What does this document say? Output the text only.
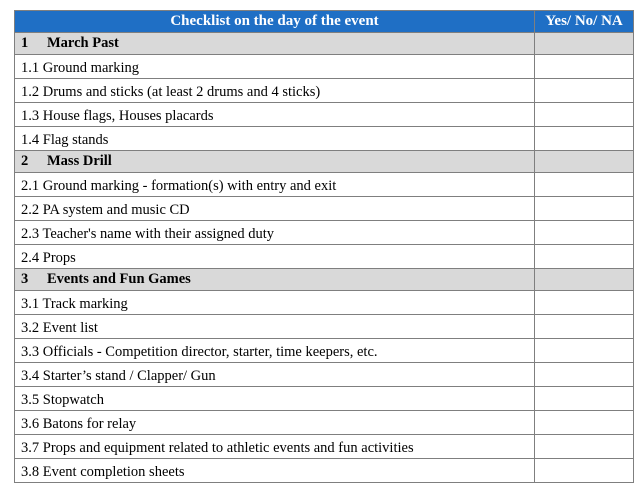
Checklist on the day of the event	Yes/ No/ NA
1 March Past	
1.1 Ground marking	
1.2 Drums and sticks (at least 2 drums and 4 sticks)	
1.3 House flags, Houses placards	
1.4 Flag stands	
2 Mass Drill	
2.1 Ground marking - formation(s) with entry and exit	
2.2 PA system and music CD	
2.3 Teacher's name with their assigned duty	
2.4 Props	
3 Events and Fun Games	
3.1 Track marking	
3.2 Event list	
3.3 Officials - Competition director, starter, time keepers, etc.	
3.4 Starter’s stand / Clapper/ Gun	
3.5 Stopwatch	
3.6 Batons for relay	
3.7 Props and equipment related to athletic events and fun activities	
3.8 Event completion sheets	
